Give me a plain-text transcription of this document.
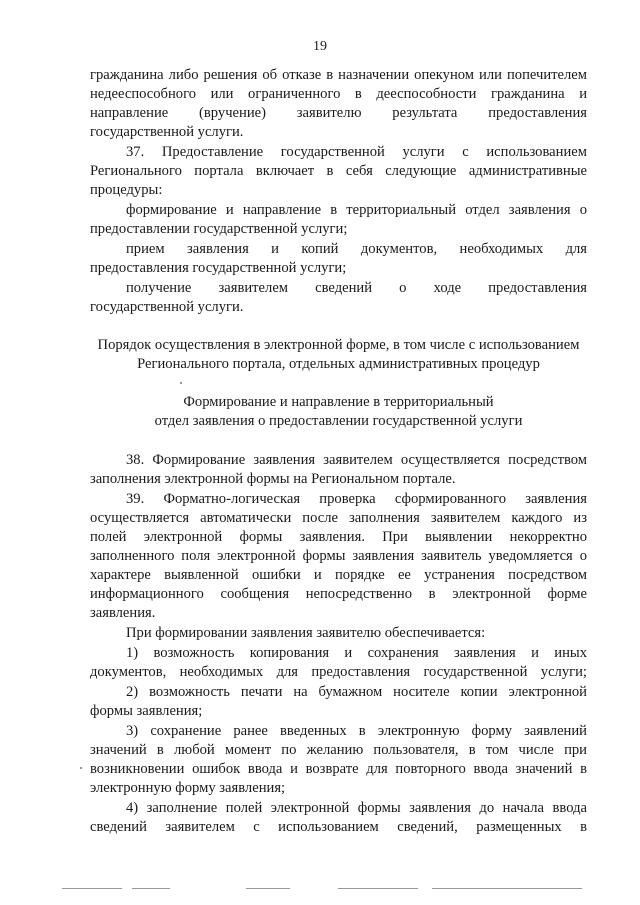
19
гражданина либо решения об отказе в назначении опекуном или попечителем
недееспособного или ограниченного в дееспособности гражданина и
направление (вручение) заявителю результата предоставления
государственной услуги.
37. Предоставление государственной услуги с использованием
Регионального портала включает в себя следующие административные
процедуры:
формирование и направление в территориальный отдел заявления о
предоставлении государственной услуги;
прием заявления и копий документов, необходимых для
предоставления государственной услуги;
получение заявителем сведений о ходе предоставления
государственной услуги.
Порядок осуществления в электронной форме, в том числе с использованием
Регионального портала, отдельных административных процедур
Формирование и направление в территориальный
отдел заявления о предоставлении государственной услуги
38. Формирование заявления заявителем осуществляется посредством
заполнения электронной формы на Региональном портале.
39. Форматно-логическая проверка сформированного заявления
осуществляется автоматически после заполнения заявителем каждого из
полей электронной формы заявления. При выявлении некорректно
заполненного поля электронной формы заявления заявитель уведомляется о
характере выявленной ошибки и порядке ее устранения посредством
информационного сообщения непосредственно в электронной форме
заявления.
При формировании заявления заявителю обеспечивается:
1) возможность копирования и сохранения заявления и иных
документов, необходимых для предоставления государственной услуги;
2) возможность печати на бумажном носителе копии электронной
формы заявления;
3) сохранение ранее введенных в электронную форму заявлений
значений в любой момент по желанию пользователя, в том числе при
возникновении ошибок ввода и возврате для повторного ввода значений в
электронную форму заявления;
4) заполнение полей электронной формы заявления до начала ввода
сведений заявителем с использованием сведений, размещенных в
